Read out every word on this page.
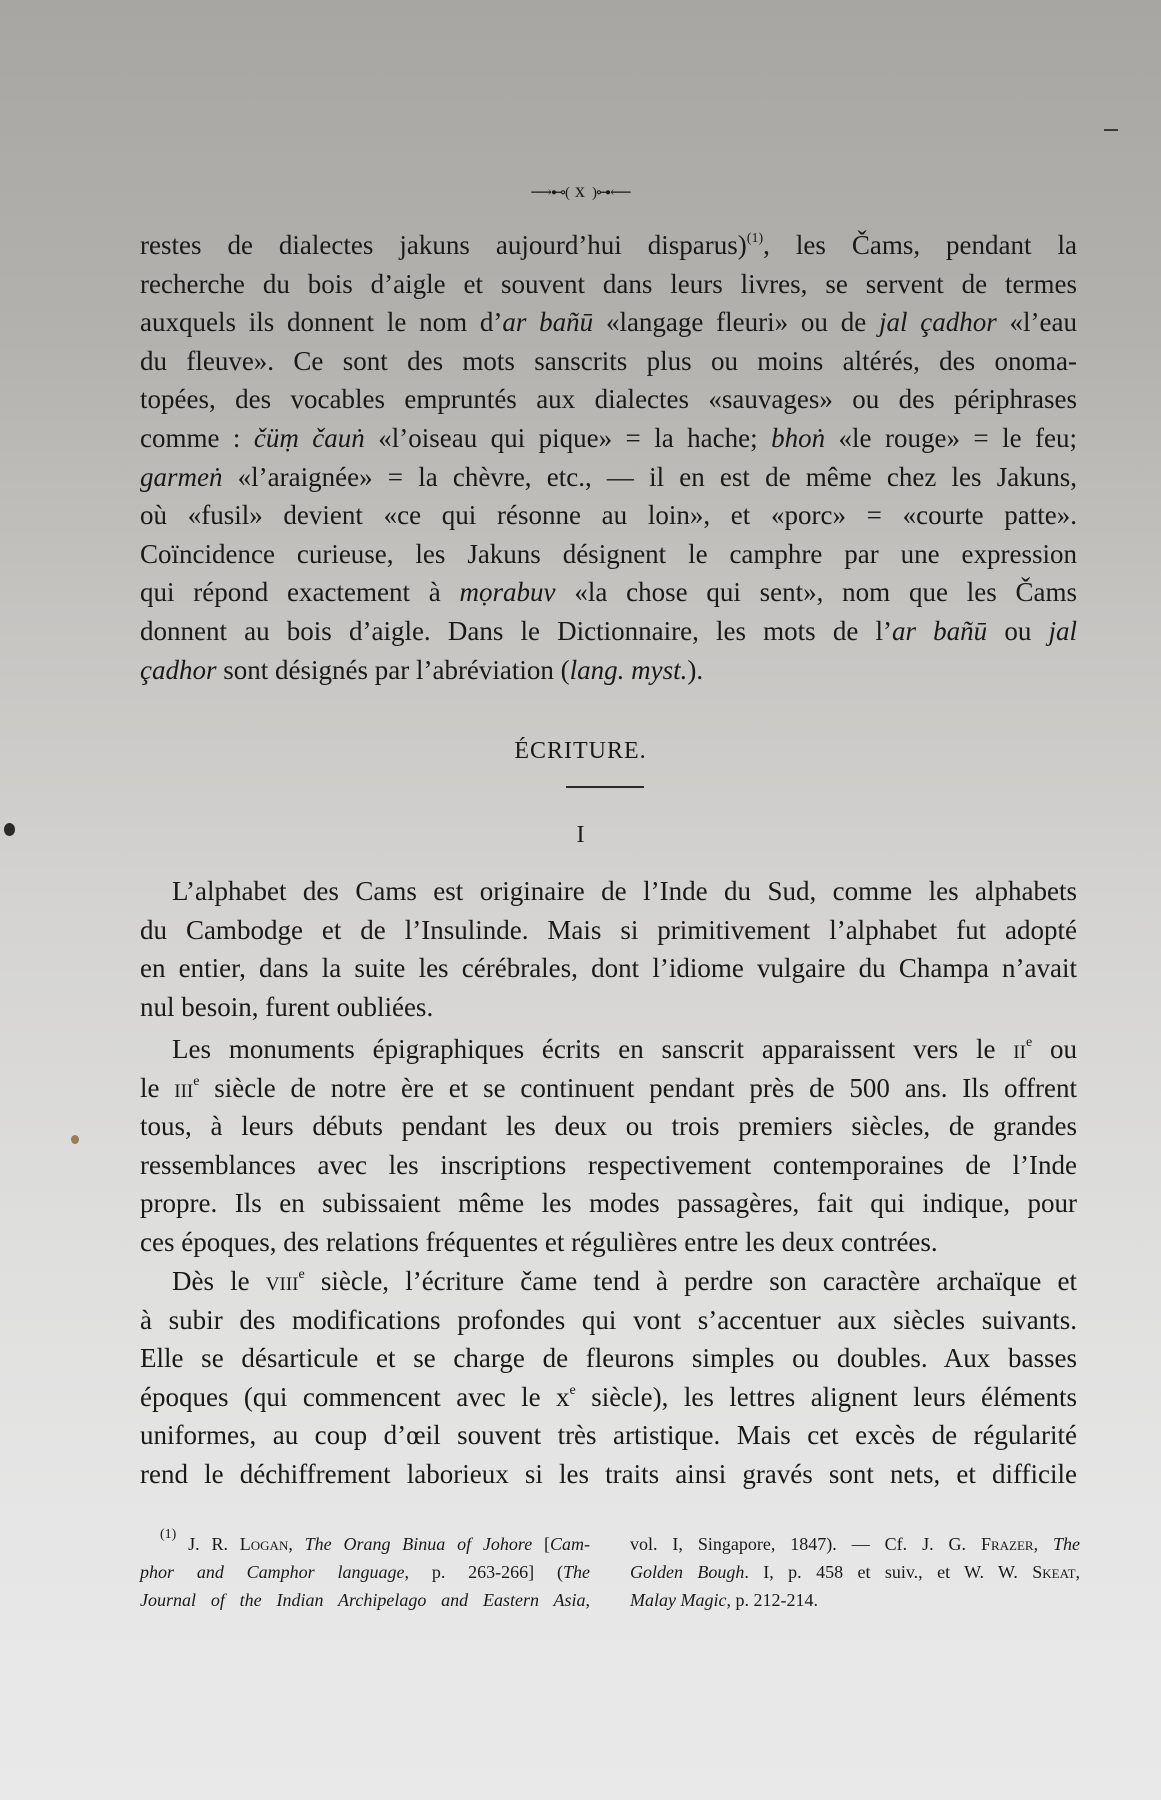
⟶⊷( x )⊶⟵
restes de dialectes jakuns aujourd’hui disparus)$^{(1)}$, les Čams, pendant la
recherche du bois d’aigle et souvent dans leurs livres, se servent de termes
auxquels ils donnent le nom d’ar bañū «langage fleuri» ou de jal çadhor «l’eau
du fleuve». Ce sont des mots sanscrits plus ou moins altérés, des onoma-
topées, des vocables empruntés aux dialectes «sauvages» ou des périphrases
comme : čüṃ čauṅ «l’oiseau qui pique» = la hache; bhoṅ «le rouge» = le feu;
garmeṅ «l’araignée» = la chèvre, etc., — il en est de même chez les Jakuns,
où «fusil» devient «ce qui résonne au loin», et «porc» = «courte patte».
Coïncidence curieuse, les Jakuns désignent le camphre par une expression
qui répond exactement à mọrabuv «la chose qui sent», nom que les Čams
donnent au bois d’aigle. Dans le Dictionnaire, les mots de l’ar bañū ou jal
çadhor sont désignés par l’abréviation (lang. myst.).
ÉCRITURE.
I
L’alphabet des Cams est originaire de l’Inde du Sud, comme les alphabets
du Cambodge et de l’Insulinde. Mais si primitivement l’alphabet fut adopté
en entier, dans la suite les cérébrales, dont l’idiome vulgaire du Champa n’avait
nul besoin, furent oubliées.
Les monuments épigraphiques écrits en sanscrit apparaissent vers le $ii^e$ ou
le iii$^e$ siècle de notre ère et se continuent pendant près de 500 ans. Ils offrent
tous, à leurs débuts pendant les deux ou trois premiers siècles, de grandes
ressemblances avec les inscriptions respectivement contemporaines de l’Inde
propre. Ils en subissaient même les modes passagères, fait qui indique, pour
ces époques, des relations fréquentes et régulières entre les deux contrées.
Dès le viii$^e$ siècle, l’écriture čame tend à perdre son caractère archaïque et
à subir des modifications profondes qui vont s’accentuer aux siècles suivants.
Elle se désarticule et se charge de fleurons simples ou doubles. Aux basses
époques (qui commencent avec le $x^e$ siècle), les lettres alignent leurs éléments
uniformes, au coup d’œil souvent très artistique. Mais cet excès de régularité
rend le déchiffrement laborieux si les traits ainsi gravés sont nets, et difficile
$^{(1)}$ J. R. Logan, The Orang Binua of Johore [Cam-
phor and Camphor language, p. 263-266] (The
Journal of the Indian Archipelago and Eastern Asia,
vol. I, Singapore, 1847). — Cf. J. G. Frazer, The
Golden Bough. I, p. 458 et suiv., et W. W. Skeat,
Malay Magic, p. 212-214.
